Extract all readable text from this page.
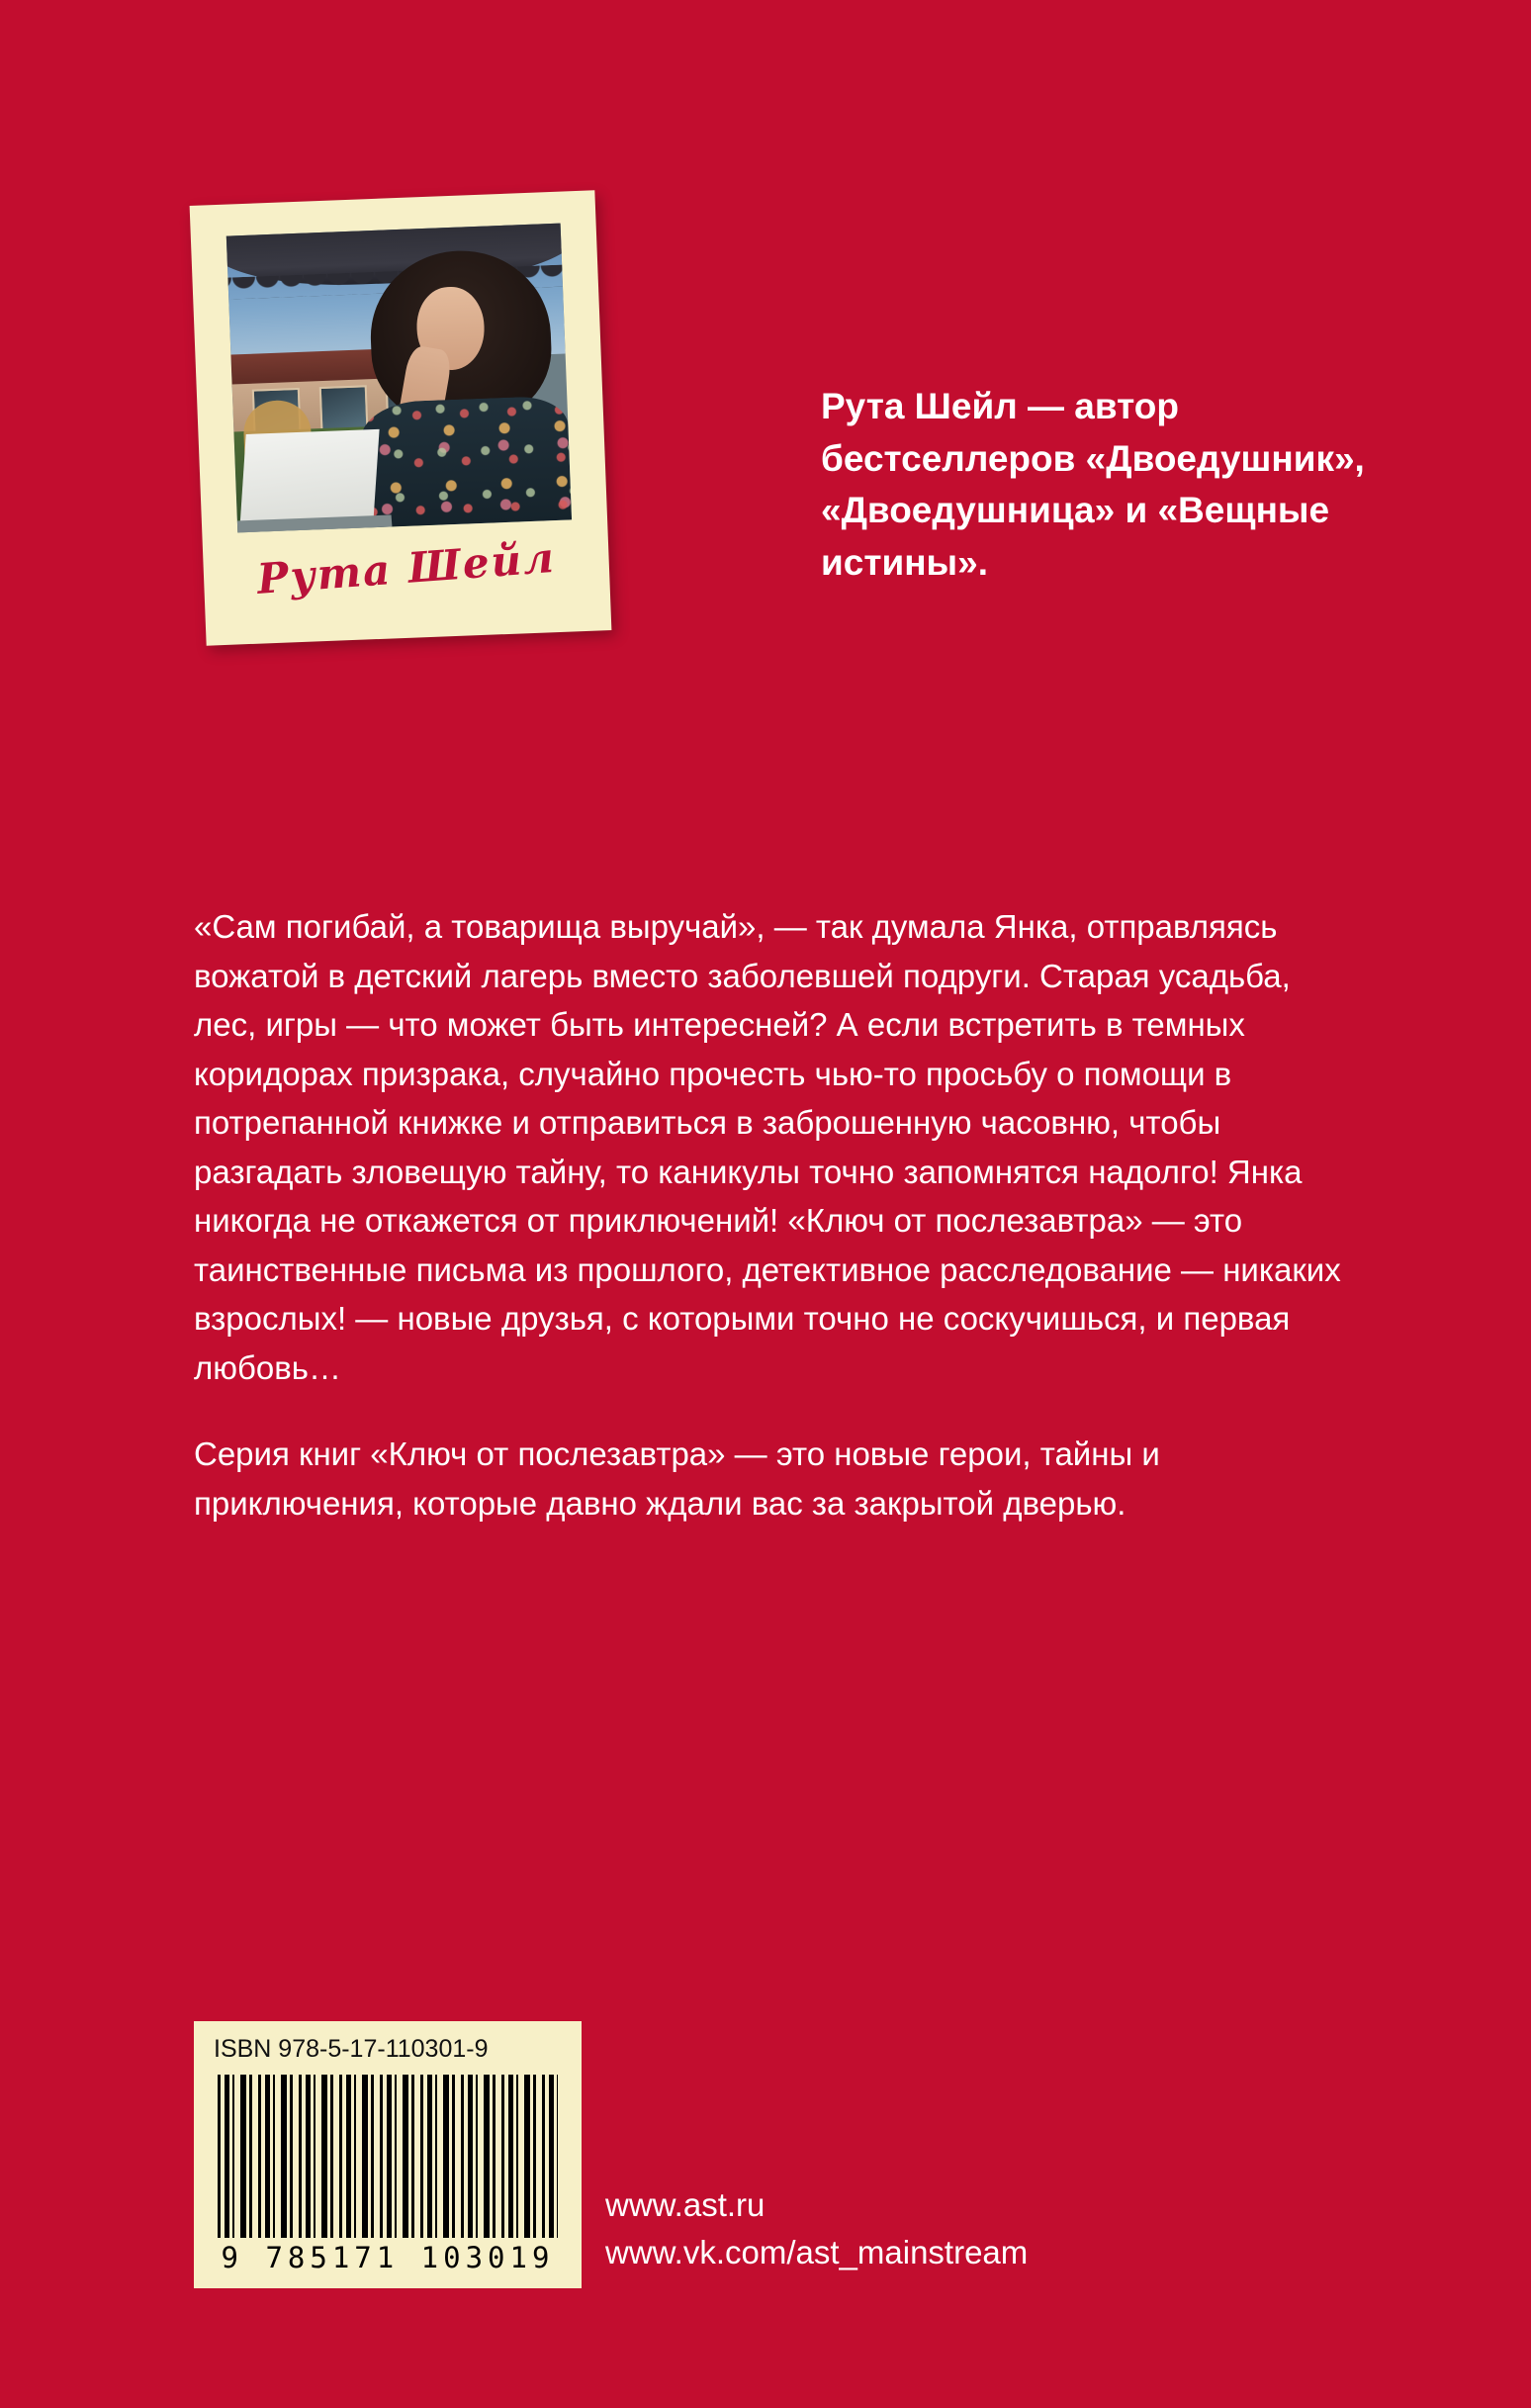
Рута Шейл
Рута Шейл — автор бестселлеров «Двоедушник», «Двоедушница» и «Вещные истины».

«Сам погибай, а товарища выручай», — так думала Янка, отправляясь вожатой в детский лагерь вместо заболевшей подруги. Старая усадьба, лес, игры — что может быть интересней? А если встретить в темных коридорах призрака, случайно прочесть чью-то просьбу о помощи в потрепанной книжке и отправиться в заброшенную часовню, чтобы разгадать зловещую тайну, то каникулы точно запомнятся надолго! Янка никогда не откажется от приключений! «Ключ от послезавтра» — это таинственные письма из прошлого, детективное расследование — никаких взрослых! — новые друзья, с которыми точно не соскучишься, и первая любовь…

Серия книг «Ключ от послезавтра» — это новые герои, тайны и приключения, которые давно ждали вас за закрытой дверью.

ISBN 978-5-17-110301-9
9 785171 103019
www.ast.ru
www.vk.com/ast_mainstream
